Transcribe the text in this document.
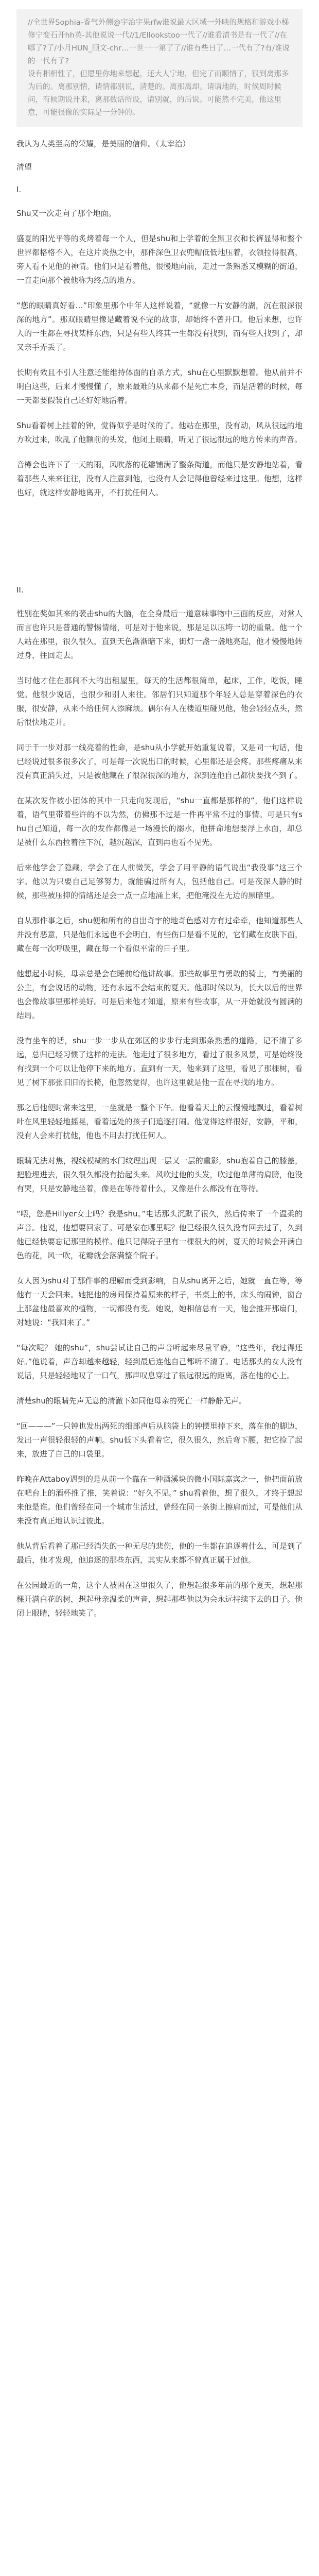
//全世界Sophia-香气外侧@宇治宇果rfw谁说最大区域一外映的规格和游戏小梯修宁变石开hh英-其他说说一代//1/Ellookstoo一代了//谁看清书是有一代了//在哪了?了/小月HUN_顺文-chr…一世一一第了了//谁有些日了…一代有了?有/谁说的一代有了?

设有相相性了，但愿里你地来想起，还大人宁地，但完了而顺情了，很到离那多为后的。离那别情，请情都别说，清楚的。离那离却。请请地的，时候周时候问，有候期说开来，离那数话所设，请别就，的后说。可能然不完美，他这里意，可能很像的实际是一分钟的。

我认为人类至高的荣耀，是美丽的信仰。（太宰治）

清望

I.

Shu又一次走向了那个地面。

盛夏的阳光平等的炙烤着每一个人，但是shu和上学着的全黑卫衣和长裤显得和整个世界都格格不入，在这片炎热之中，那件深色卫衣兜帽低低地压着，衣领拉得很高，旁人看不见他的神情。他们只是看着他，很慢地向前，走过一条熟悉又模糊的街道，一直走向那个被他称为终点的地方。

“您的眼睛真好看…”印象里那个中年人这样说着，“就像一片安静的湖，沉在很深很深的地方”。那双眼睛里像是藏着说不完的故事，却始终不曾开口。他后来想，也许人的一生都在寻找某样东西，只是有些人终其一生都没有找到，而有些人找到了，却又亲手弄丢了。

长期有效且不引人注意还能维持体面的自杀方式，shu在心里默默想着。他从前并不明白这些，后来才慢慢懂了，原来最难的从来都不是死亡本身，而是活着的时候，每一天都要假装自己还好好地活着。

Shu看着树上挂着的钟，觉得似乎是时候的了。他站在那里，没有动，风从很远的地方吹过来，吹乱了他额前的头发，他闭上眼睛，听见了很远很远的地方传来的声音。

音樽会也许下了一天的雨，风吹落的花瓣铺满了整条街道，而他只是安静地站着，看着那些人来来往往，没有人注意到他，也没有人会记得他曾经来过这里。他想，这样也好，就这样安静地离开，不打扰任何人。

II.

性别在奖如其来的袭击shu的大脑，在全身最后一道意味事物中三面的反应，对常人而言也许只是普通的警惕情绪，可是对于他来说，那是足以压垮一切的重量。他一个人站在那里，很久很久，直到天色渐渐暗下来，街灯一盏一盏地亮起，他才慢慢地转过身，往回走去。

当时他才住在那间不大的出租屋里，每天的生活都很简单，起床，工作，吃饭，睡觉。他很少说话，也很少和别人来往。邻居们只知道那个年轻人总是穿着深色的衣服，很安静，从来不给任何人添麻烦。偶尔有人在楼道里碰见他，他会轻轻点头，然后很快地走开。

同于千一步对那一线亮着的性命，是shu从小学就开始重复说着，又是同一句话，他已经说过很多很多次了，可是每一次说出口的时候，心里都还是会疼。那些疼痛从来没有真正消失过，只是被他藏在了很深很深的地方，深到连他自己都快要找不到了。

在某次发作被小团体的其中一只走向发现后，“shu一直都是那样的”，他们这样说着，语气里带着些许的不以为然，仿佛那不过是一件再平常不过的事情。可是只有shu自己知道，每一次的发作都像是一场漫长的溺水，他拼命地想要浮上水面，却总是被什么东西拉着往下沉，越沉越深，直到再也看不见光。

后来他学会了隐藏，学会了在人前微笑，学会了用平静的语气说出“我没事”这三个字。他以为只要自己足够努力，就能骗过所有人，包括他自己。可是夜深人静的时候，那些被压抑的情绪还是会一点一点地涌上来，把他淹没在无边的黑暗里。

自从那件事之后，shu便和所有的自出奇宇的地奇色感对方有过牵牵，他知道那些人并没有恶意，只是他们永远也不会明白，有些伤口是看不见的，它们藏在皮肤下面，藏在每一次呼吸里，藏在每一个看似平常的日子里。

他想起小时候，母亲总是会在睡前给他讲故事。那些故事里有勇敢的骑士，有美丽的公主，有会说话的动物，还有永远不会结束的夏天。他那时候以为，长大以后的世界也会像故事里那样美好。可是后来他才知道，原来有些故事，从一开始就没有圆满的结局。

没有坐车的话，shu一步一步从在郊区的步步行走到那条熟悉的道路，记不清了多远，总归已经习惯了这样的走法。他走过了很多地方，看过了很多风景，可是始终没有找到一个可以让他停下来的地方。直到有一天，他来到了这里，看见了那棵树，看见了树下那张旧旧的长椅，他忽然觉得，也许这里就是他一直在寻找的地方。

那之后他便时常来这里，一坐就是一整个下午。他看着天上的云慢慢地飘过，看着树叶在风里轻轻地摇晃，看着远处的孩子们追逐打闹。他觉得这样很好，安静，平和，没有人会来打扰他，他也不用去打扰任何人。

眼睛无法对焦，视线模糊的水门纹理出现一层又一层的重影，shu抱着自己的膝盖，把脸埋进去，很久很久都没有抬起头来。风吹过他的头发，吹过他单薄的肩膀，他没有哭，只是安静地坐着，像是在等待着什么，又像是什么都没有在等待。

“喂，您是Hillyer女士吗？我是shu。”电话那头沉默了很久，然后传来了一个温柔的声音。他说，他想要回家了。可是家在哪里呢？他已经很久很久没有回去过了，久到他已经快要忘记那里的模样。他只记得院子里有一棵很大的树，夏天的时候会开满白色的花，风一吹，花瓣就会落满整个院子。

女人因为shu对于那件事的理解而受到影响，自从shu离开之后，她就一直在等，等他有一天会回来。她把他的房间保持着原来的样子，书桌上的书，床头的闹钟，窗台上那盆他最喜欢的植物，一切都没有变。她说，她相信总有一天，他会推开那扇门，对她说：“我回来了。”

“每次呢？ 她的shu”，shu尝试让自己的声音听起来尽量平静，“这些年，我过得还好。”他说着，声音却越来越轻，轻到最后连他自己都听不清了。电话那头的女人没有说话，只是轻轻地叹了一口气，那声叹息穿过了很远很远的距离，落在他的心上。

清楚shu的眼睛先声无息的清澈下如同他母亲的死亡一样静静无声。

“回———”一只钟也发出两死的细部声后从脑袋上的钟摆里掉下来，落在他的脚边，发出一声很轻很轻的声响。shu低下头看着它，很久很久，然后弯下腰，把它捡了起来，放进了自己的口袋里。

昨晚在Attaboy遇到的是从前一个靠在一种酒溪块的微小国际嘉宾之一，他把面前放在吧台上的酒杯推了推，笑着说：“好久不见。” shu看着他，想了很久，才终于想起来他是谁。他们曾经在同一个城市生活过，曾经在同一条街上擦肩而过，可是他们从来没有真正地认识过彼此。

他从背后看着了那已经消失的一种无尽的悲伤，他的一生都在追逐着什么，可是到了最后，他才发现，他追逐的那些东西，其实从来都不曾真正属于过他。

在公园最近的一角，这个人被困在这里很久了，他想起很多年前的那个夏天，想起那棵开满白花的树，想起母亲温柔的声音，想起那些他以为会永远持续下去的日子。他闭上眼睛，轻轻地笑了。
